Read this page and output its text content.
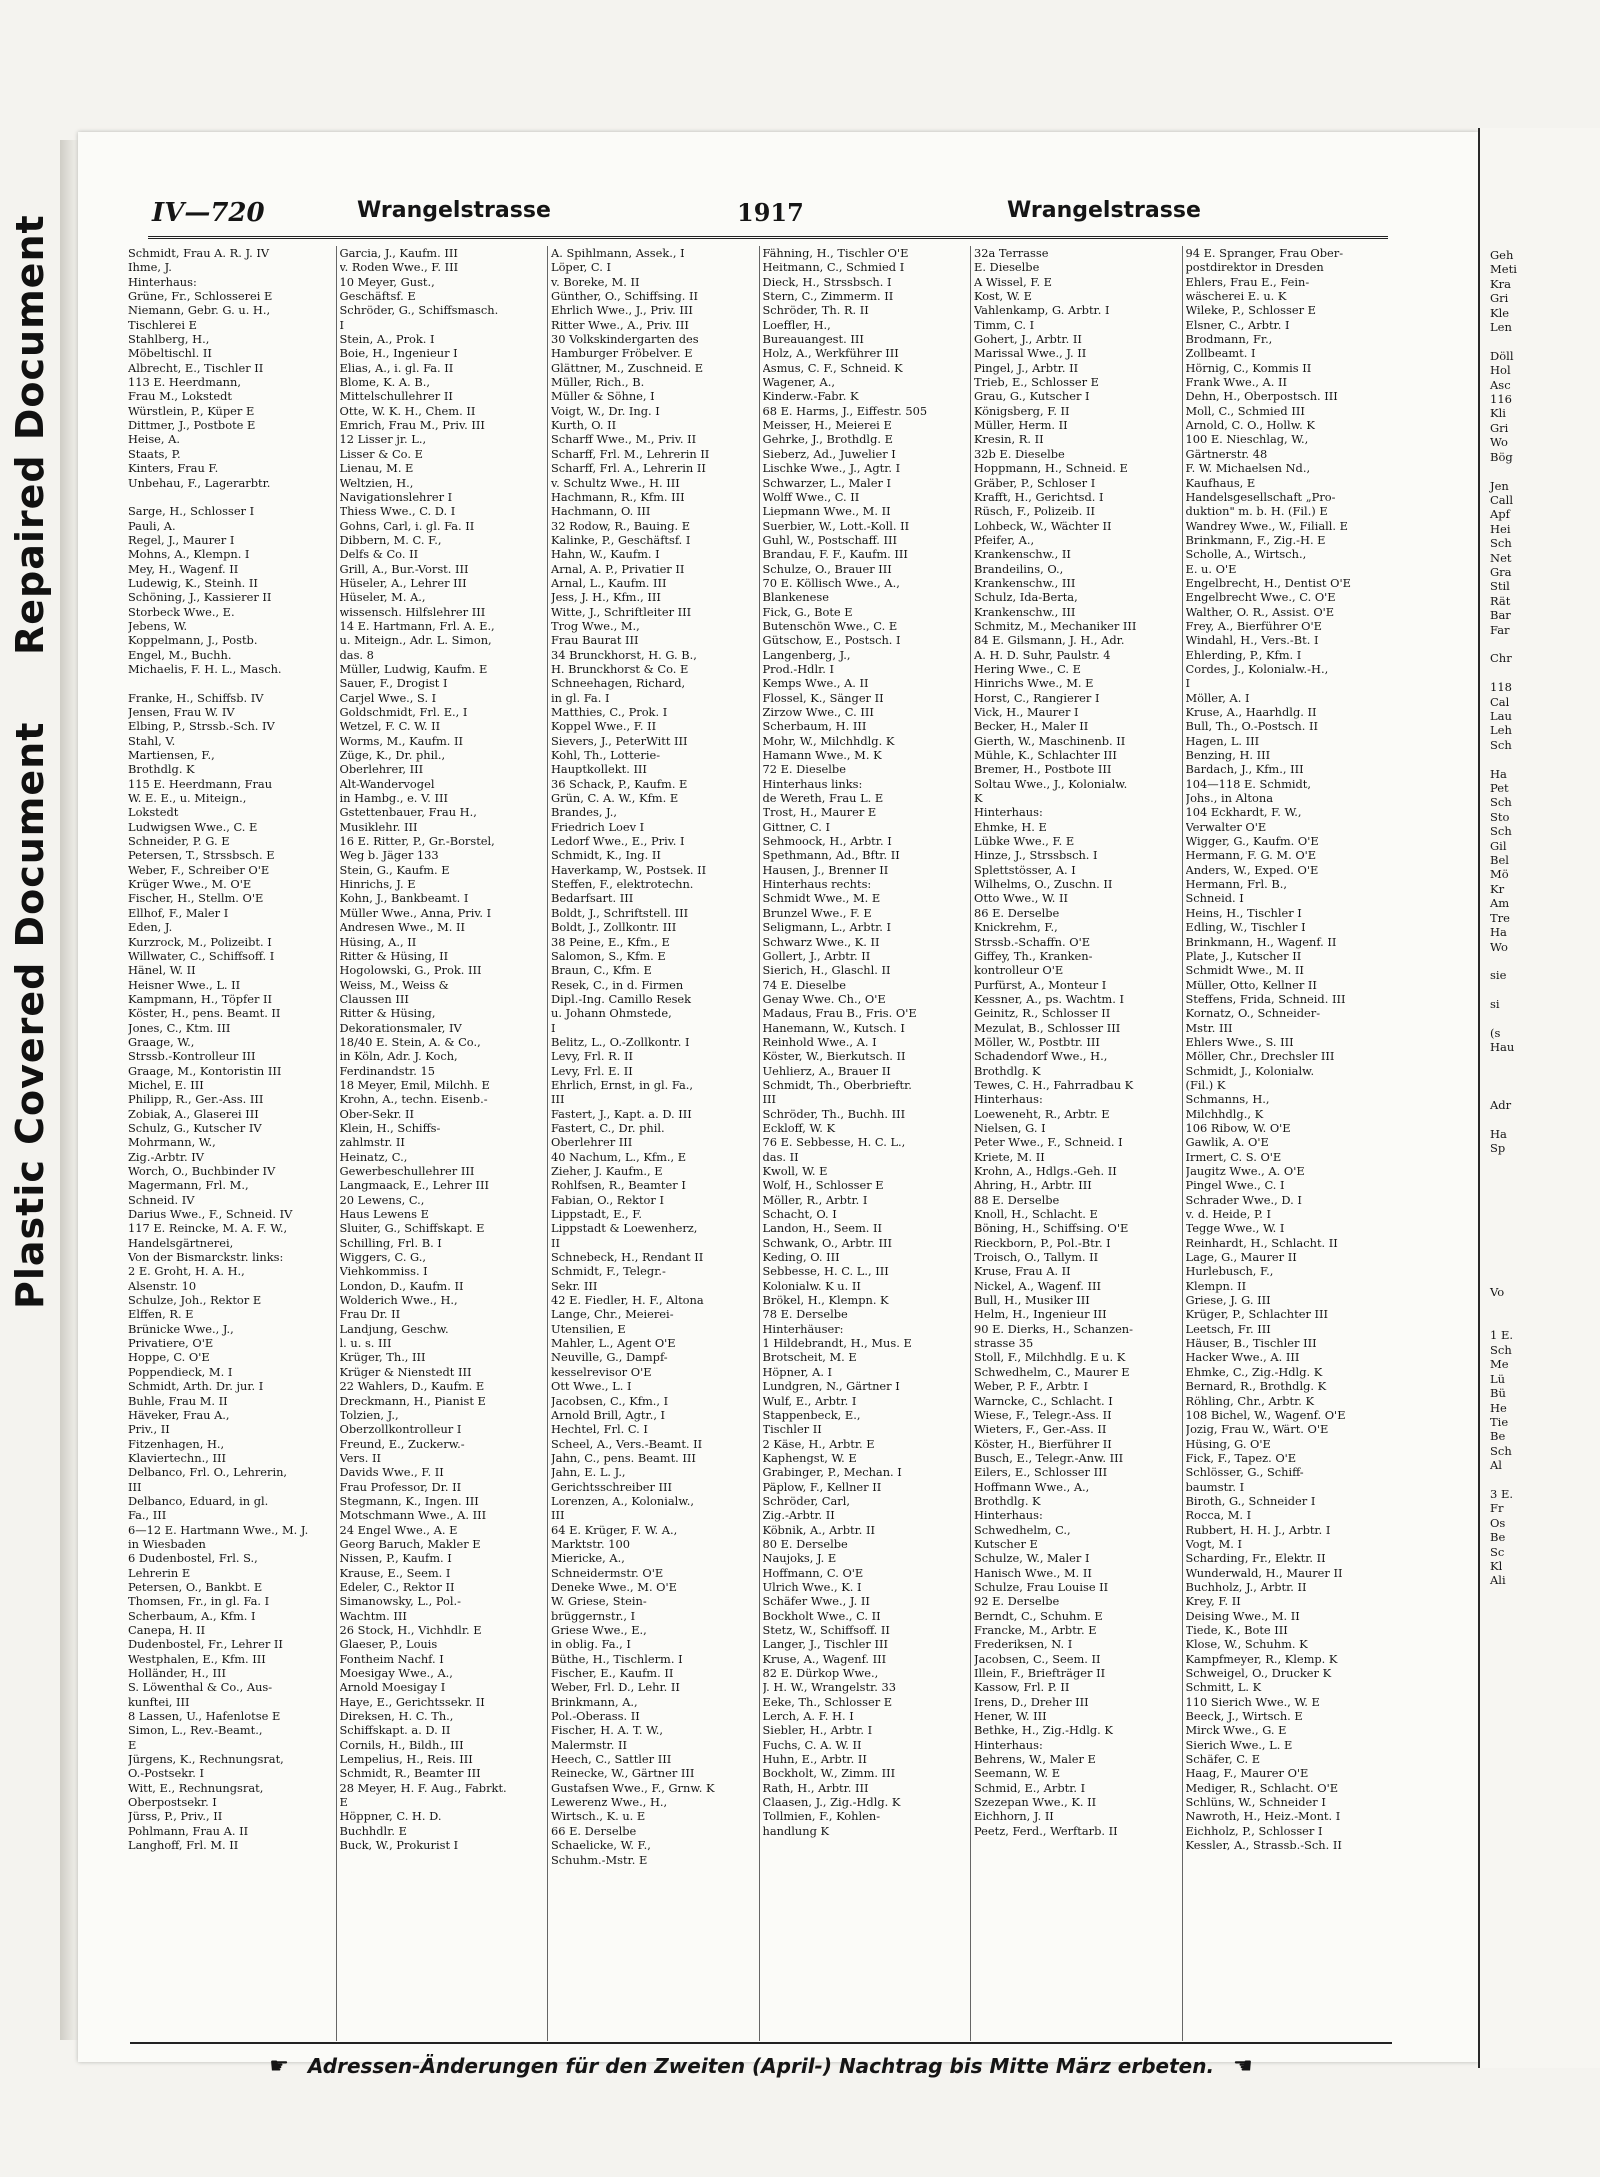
Repaired Document
Plastic Covered Document
Geh
Meti
Kra
Gri
Kle
Len

Döll
Hol
Asc
116
Kli
Gri
Wo
Bög

Jen
Call
Apf
Hei
Sch
Net
Gra
Stil
Rät
Bar
Far

Chr

118
Cal
Lau
Leh
Sch

Ha
Pet
Sch
Sto
Sch
Gil
Bel
Mö
Kr
Am
Tre
Ha
Wo

sie

si

(s
Hau

Adr

Ha
Sp

Vo

1 E.
Sch
Me
Lü
Bü
He
Tie
Be
Sch
Al

3 E.
Fr
Os
Be
Sc
Kl
Ali
IV—720	Wrangelstrasse	1917	Wrangelstrasse
Schmidt, Frau A. R. J. IV
Ihme, J.
Hinterhaus:
Grüne, Fr., Schlosserei E
Niemann, Gebr. G. u. H.,
Tischlerei E
Stahlberg, H.,
Möbeltischl. II
Albrecht, E., Tischler II
113 E. Heerdmann,
Frau M., Lokstedt
Würstlein, P., Küper E
Dittmer, J., Postbote E
Heise, A.
Staats, P.
Kinters, Frau F.
Unbehau, F., Lagerarbtr.

Sarge, H., Schlosser I
Pauli, A.
Regel, J., Maurer I
Mohns, A., Klempn. I
Mey, H., Wagenf. II
Ludewig, K., Steinh. II
Schöning, J., Kassierer II
Storbeck Wwe., E.
Jebens, W.
Koppelmann, J., Postb.
Engel, M., Buchh.
Michaelis, F. H. L., Masch.

Franke, H., Schiffsb. IV
Jensen, Frau W. IV
Elbing, P., Strssb.-Sch. IV
Stahl, V.
Martiensen, F.,
Brothdlg. K
115 E. Heerdmann, Frau
W. E. E., u. Miteign.,
Lokstedt
Ludwigsen Wwe., C. E
Schneider, P. G. E
Petersen, T., Strssbsch. E
Weber, F., Schreiber O'E
Krüger Wwe., M. O'E
Fischer, H., Stellm. O'E
Ellhof, F., Maler I
Eden, J.
Kurzrock, M., Polizeibt. I
Willwater, C., Schiffsoff. I
Hänel, W. II
Heisner Wwe., L. II
Kampmann, H., Töpfer II
Köster, H., pens. Beamt. II
Jones, C., Ktm. III
Graage, W.,
Strssb.-Kontrolleur III
Graage, M., Kontoristin III
Michel, E. III
Philipp, R., Ger.-Ass. III
Zobiak, A., Glaserei III
Schulz, G., Kutscher IV
Mohrmann, W.,
Zig.-Arbtr. IV
Worch, O., Buchbinder IV
Magermann, Frl. M.,
Schneid. IV
Darius Wwe., F., Schneid. IV
117 E. Reincke, M. A. F. W.,
Handelsgärtnerei,
Von der Bismarckstr. links:
2 E. Groht, H. A. H.,
Alsenstr. 10
Schulze, Joh., Rektor E
Elffen, R. E
Brünicke Wwe., J.,
Privatiere, O'E
Hoppe, C. O'E
Poppendieck, M. I
Schmidt, Arth. Dr. jur. I
Buhle, Frau M. II
Häveker, Frau A.,
Priv., II
Fitzenhagen, H.,
Klaviertechn., III
Delbanco, Frl. O., Lehrerin,
III
Delbanco, Eduard, in gl.
Fa., III
6—12 E. Hartmann Wwe., M. J.
in Wiesbaden
6 Dudenbostel, Frl. S.,
Lehrerin E
Petersen, O., Bankbt. E
Thomsen, Fr., in gl. Fa. I
Scherbaum, A., Kfm. I
Canepa, H. II
Dudenbostel, Fr., Lehrer II
Westphalen, E., Kfm. III
Holländer, H., III
S. Löwenthal & Co., Aus-
kunftei, III
8 Lassen, U., Hafenlotse E
Simon, L., Rev.-Beamt.,
E
Jürgens, K., Rechnungsrat,
O.-Postsekr. I
Witt, E., Rechnungsrat,
Oberpostsekr. I
Jürss, P., Priv., II
Pohlmann, Frau A. II
Langhoff, Frl. M. II
Garcia, J., Kaufm. III
v. Roden Wwe., F. III
10 Meyer, Gust.,
Geschäftsf. E
Schröder, G., Schiffsmasch.
I
Stein, A., Prok. I
Boie, H., Ingenieur I
Elias, A., i. gl. Fa. II
Blome, K. A. B.,
Mittelschullehrer II
Otte, W. K. H., Chem. II
Emrich, Frau M., Priv. III
12 Lisser jr. L.,
Lisser & Co. E
Lienau, M. E
Weltzien, H.,
Navigationslehrer I
Thiess Wwe., C. D. I
Gohns, Carl, i. gl. Fa. II
Dibbern, M. C. F.,
Delfs & Co. II
Grill, A., Bur.-Vorst. III
Hüseler, A., Lehrer III
Hüseler, M. A.,
wissensch. Hilfslehrer III
14 E. Hartmann, Frl. A. E.,
u. Miteign., Adr. L. Simon,
das. 8
Müller, Ludwig, Kaufm. E
Sauer, F., Drogist I
Carjel Wwe., S. I
Goldschmidt, Frl. E., I
Wetzel, F. C. W. II
Worms, M., Kaufm. II
Züge, K., Dr. phil.,
Oberlehrer, III
Alt-Wandervogel
in Hambg., e. V. III
Gstettenbauer, Frau H.,
Musiklehr. III
16 E. Ritter, P., Gr.-Borstel,
Weg b. Jäger 133
Stein, G., Kaufm. E
Hinrichs, J. E
Kohn, J., Bankbeamt. I
Müller Wwe., Anna, Priv. I
Andresen Wwe., M. II
Hüsing, A., II
Ritter & Hüsing, II
Hogolowski, G., Prok. III
Weiss, M., Weiss &
Claussen III
Ritter & Hüsing,
Dekorationsmaler, IV
18/40 E. Stein, A. & Co.,
in Köln, Adr. J. Koch,
Ferdinandstr. 15
18 Meyer, Emil, Milchh. E
Krohn, A., techn. Eisenb.-
Ober-Sekr. II
Klein, H., Schiffs-
zahlmstr. II
Heinatz, C.,
Gewerbeschullehrer III
Langmaack, E., Lehrer III
20 Lewens, C.,
Haus Lewens E
Sluiter, G., Schiffskapt. E
Schilling, Frl. B. I
Wiggers, C. G.,
Viehkommiss. I
London, D., Kaufm. II
Wolderich Wwe., H.,
Frau Dr. II
Landjung, Geschw.
l. u. s. III
Krüger, Th., III
Krüger & Nienstedt III
22 Wahlers, D., Kaufm. E
Dreckmann, H., Pianist E
Tolzien, J.,
Oberzollkontrolleur I
Freund, E., Zuckerw.-
Vers. II
Davids Wwe., F. II
Frau Professor, Dr. II
Stegmann, K., Ingen. III
Motschmann Wwe., A. III
24 Engel Wwe., A. E
Georg Baruch, Makler E
Nissen, P., Kaufm. I
Krause, E., Seem. I
Edeler, C., Rektor II
Simanowsky, L., Pol.-
Wachtm. III
26 Stock, H., Vichhdlr. E
Glaeser, P., Louis
Fontheim Nachf. I
Moesigay Wwe., A.,
Arnold Moesigay I
Haye, E., Gerichtssekr. II
Direksen, H. C. Th.,
Schiffskapt. a. D. II
Cornils, H., Bildh., III
Lempelius, H., Reis. III
Schmidt, R., Beamter III
28 Meyer, H. F. Aug., Fabrkt.
E
Höppner, C. H. D.
Buchhdlr. E
Buck, W., Prokurist I
A. Spihlmann, Assek., I
Löper, C. I
v. Boreke, M. II
Günther, O., Schiffsing. II
Ehrlich Wwe., J., Priv. III
Ritter Wwe., A., Priv. III
30 Volkskindergarten des
Hamburger Fröbelver. E
Glättner, M., Zuschneid. E
Müller, Rich., B.
Müller & Söhne, I
Voigt, W., Dr. Ing. I
Kurth, O. II
Scharff Wwe., M., Priv. II
Scharff, Frl. M., Lehrerin II
Scharff, Frl. A., Lehrerin II
v. Schultz Wwe., H. III
Hachmann, R., Kfm. III
Hachmann, O. III
32 Rodow, R., Bauing. E
Kalinke, P., Geschäftsf. I
Hahn, W., Kaufm. I
Arnal, A. P., Privatier II
Arnal, L., Kaufm. III
Jess, J. H., Kfm., III
Witte, J., Schriftleiter III
Trog Wwe., M.,
Frau Baurat III
34 Brunckhorst, H. G. B.,
H. Brunckhorst & Co. E
Schneehagen, Richard,
in gl. Fa. I
Matthies, C., Prok. I
Koppel Wwe., F. II
Sievers, J., PeterWitt III
Kohl, Th., Lotterie-
Hauptkollekt. III
36 Schack, P., Kaufm. E
Grün, C. A. W., Kfm. E
Brandes, J.,
Friedrich Loev I
Ledorf Wwe., E., Priv. I
Schmidt, K., Ing. II
Haverkamp, W., Postsek. II
Steffen, F., elektrotechn.
Bedarfsart. III
Boldt, J., Schriftstell. III
Boldt, J., Zollkontr. III
38 Peine, E., Kfm., E
Salomon, S., Kfm. E
Braun, C., Kfm. E
Resek, C., in d. Firmen
Dipl.-Ing. Camillo Resek
u. Johann Ohmstede,
I
Belitz, L., O.-Zollkontr. I
Levy, Frl. R. II
Levy, Frl. E. II
Ehrlich, Ernst, in gl. Fa.,
III
Fastert, J., Kapt. a. D. III
Fastert, C., Dr. phil.
Oberlehrer III
40 Nachum, L., Kfm., E
Zieher, J. Kaufm., E
Rohlfsen, R., Beamter I
Fabian, O., Rektor I
Lippstadt, E., F.
Lippstadt & Loewenherz,
II
Schnebeck, H., Rendant II
Schmidt, F., Telegr.-
Sekr. III
42 E. Fiedler, H. F., Altona
Lange, Chr., Meierei-
Utensilien, E
Mahler, L., Agent O'E
Neuville, G., Dampf-
kesselrevisor O'E
Ott Wwe., L. I
Jacobsen, C., Kfm., I
Arnold Brill, Agtr., I
Hechtel, Frl. C. I
Scheel, A., Vers.-Beamt. II
Jahn, C., pens. Beamt. III
Jahn, E. L. J.,
Gerichtsschreiber III
Lorenzen, A., Kolonialw.,
III
64 E. Krüger, F. W. A.,
Marktstr. 100
Miericke, A.,
Schneidermstr. O'E
Deneke Wwe., M. O'E
W. Griese, Stein-
brüggernstr., I
Griese Wwe., E.,
in oblig. Fa., I
Büthe, H., Tischlerm. I
Fischer, E., Kaufm. II
Weber, Frl. D., Lehr. II
Brinkmann, A.,
Pol.-Oberass. II
Fischer, H. A. T. W.,
Malermstr. II
Heech, C., Sattler III
Reinecke, W., Gärtner III
Gustafsen Wwe., F., Grnw. K
Lewerenz Wwe., H.,
Wirtsch., K. u. E
66 E. Derselbe
Schaelicke, W. F.,
Schuhm.-Mstr. E
Fähning, H., Tischler O'E
Heitmann, C., Schmied I
Dieck, H., Strssbsch. I
Stern, C., Zimmerm. II
Schröder, Th. R. II
Loeffler, H.,
Bureauangest. III
Holz, A., Werkführer III
Asmus, C. F., Schneid. K
Wagener, A.,
Kinderw.-Fabr. K
68 E. Harms, J., Eiffestr. 505
Meisser, H., Meierei E
Gehrke, J., Brothdlg. E
Sieberz, Ad., Juwelier I
Lischke Wwe., J., Agtr. I
Schwarzer, L., Maler I
Wolff Wwe., C. II
Liepmann Wwe., M. II
Suerbier, W., Lott.-Koll. II
Guhl, W., Postschaff. III
Brandau, F. F., Kaufm. III
Schulze, O., Brauer III
70 E. Köllisch Wwe., A.,
Blankenese
Fick, G., Bote E
Butenschön Wwe., C. E
Gütschow, E., Postsch. I
Langenberg, J.,
Prod.-Hdlr. I
Kemps Wwe., A. II
Flossel, K., Sänger II
Zirzow Wwe., C. III
Scherbaum, H. III
Mohr, W., Milchhdlg. K
Hamann Wwe., M. K
72 E. Dieselbe
Hinterhaus links:
de Wereth, Frau L. E
Trost, H., Maurer E
Gittner, C. I
Sehmoock, H., Arbtr. I
Spethmann, Ad., Bftr. II
Hausen, J., Brenner II
Hinterhaus rechts:
Schmidt Wwe., M. E
Brunzel Wwe., F. E
Seligmann, L., Arbtr. I
Schwarz Wwe., K. II
Gollert, J., Arbtr. II
Sierich, H., Glaschl. II
74 E. Dieselbe
Genay Wwe. Ch., O'E
Madaus, Frau B., Fris. O'E
Hanemann, W., Kutsch. I
Reinhold Wwe., A. I
Köster, W., Bierkutsch. II
Uehlierz, A., Brauer II
Schmidt, Th., Oberbrieftr.
III
Schröder, Th., Buchh. III
Eckloff, W. K
76 E. Sebbesse, H. C. L.,
das. II
Kwoll, W. E
Wolf, H., Schlosser E
Möller, R., Arbtr. I
Schacht, O. I
Landon, H., Seem. II
Schwank, O., Arbtr. III
Keding, O. III
Sebbesse, H. C. L., III
Kolonialw. K u. II
Brökel, H., Klempn. K
78 E. Derselbe
Hinterhäuser:
1 Hildebrandt, H., Mus. E
Brotscheit, M. E
Höpner, A. I
Lundgren, N., Gärtner I
Wulf, E., Arbtr. I
Stappenbeck, E.,
Tischler II
2 Käse, H., Arbtr. E
Kaphengst, W. E
Grabinger, P., Mechan. I
Päplow, F., Kellner II
Schröder, Carl,
Zig.-Arbtr. II
Köbnik, A., Arbtr. II
80 E. Derselbe
Naujoks, J. E
Hoffmann, C. O'E
Ulrich Wwe., K. I
Schäfer Wwe., J. II
Bockholt Wwe., C. II
Stetz, W., Schiffsoff. II
Langer, J., Tischler III
Kruse, A., Wagenf. III
82 E. Dürkop Wwe.,
J. H. W., Wrangelstr. 33
Eeke, Th., Schlosser E
Lerch, A. F. H. I
Siebler, H., Arbtr. I
Fuchs, C. A. W. II
Huhn, E., Arbtr. II
Bockholt, W., Zimm. III
Rath, H., Arbtr. III
Claasen, J., Zig.-Hdlg. K
Tollmien, F., Kohlen-
handlung K
32a Terrasse
E. Dieselbe
A Wissel, F. E
Kost, W. E
Vahlenkamp, G. Arbtr. I
Timm, C. I
Gohert, J., Arbtr. II
Marissal Wwe., J. II
Pingel, J., Arbtr. II
Trieb, E., Schlosser E
Grau, G., Kutscher I
Königsberg, F. II
Müller, Herm. II
Kresin, R. II
32b E. Dieselbe
Hoppmann, H., Schneid. E
Gräber, P., Schloser I
Krafft, H., Gerichtsd. I
Rüsch, F., Polizeib. II
Lohbeck, W., Wächter II
Pfeifer, A.,
Krankenschw., II
Brandeilins, O.,
Krankenschw., III
Schulz, Ida-Berta,
Krankenschw., III
Schmitz, M., Mechaniker III
84 E. Gilsmann, J. H., Adr.
A. H. D. Suhr, Paulstr. 4
Hering Wwe., C. E
Hinrichs Wwe., M. E
Horst, C., Rangierer I
Vick, H., Maurer I
Becker, H., Maler II
Gierth, W., Maschinenb. II
Mühle, K., Schlachter III
Bremer, H., Postbote III
Soltau Wwe., J., Kolonialw.
K
Hinterhaus:
Ehmke, H. E
Lübke Wwe., F. E
Hinze, J., Strssbsch. I
Splettstösser, A. I
Wilhelms, O., Zuschn. II
Otto Wwe., W. II
86 E. Derselbe
Knickrehm, F.,
Strssb.-Schaffn. O'E
Giffey, Th., Kranken-
kontrolleur O'E
Purfürst, A., Monteur I
Kessner, A., ps. Wachtm. I
Geinitz, R., Schlosser II
Mezulat, B., Schlosser III
Möller, W., Postbtr. III
Schadendorf Wwe., H.,
Brothdlg. K
Tewes, C. H., Fahrradbau K
Hinterhaus:
Loeweneht, R., Arbtr. E
Nielsen, G. I
Peter Wwe., F., Schneid. I
Kriete, M. II
Krohn, A., Hdlgs.-Geh. II
Ahring, H., Arbtr. III
88 E. Derselbe
Knoll, H., Schlacht. E
Böning, H., Schiffsing. O'E
Rieckborn, P., Pol.-Btr. I
Troisch, O., Tallym. II
Kruse, Frau A. II
Nickel, A., Wagenf. III
Bull, H., Musiker III
Helm, H., Ingenieur III
90 E. Dierks, H., Schanzen-
strasse 35
Stoll, F., Milchhdlg. E u. K
Schwedhelm, C., Maurer E
Weber, P. F., Arbtr. I
Warncke, C., Schlacht. I
Wiese, F., Telegr.-Ass. II
Wieters, F., Ger.-Ass. II
Köster, H., Bierführer II
Busch, E., Telegr.-Anw. III
Eilers, E., Schlosser III
Hoffmann Wwe., A.,
Brothdlg. K
Hinterhaus:
Schwedhelm, C.,
Kutscher E
Schulze, W., Maler I
Hanisch Wwe., M. II
Schulze, Frau Louise II
92 E. Derselbe
Berndt, C., Schuhm. E
Francke, M., Arbtr. E
Frederiksen, N. I
Jacobsen, C., Seem. II
Illein, F., Briefträger II
Kassow, Frl. P. II
Irens, D., Dreher III
Hener, W. III
Bethke, H., Zig.-Hdlg. K
Hinterhaus:
Behrens, W., Maler E
Seemann, W. E
Schmid, E., Arbtr. I
Szezepan Wwe., K. II
Eichhorn, J. II
Peetz, Ferd., Werftarb. II
94 E. Spranger, Frau Ober-
postdirektor in Dresden
Ehlers, Frau E., Fein-
wäscherei E. u. K
Wileke, P., Schlosser E
Elsner, C., Arbtr. I
Brodmann, Fr.,
Zollbeamt. I
Hörnig, C., Kommis II
Frank Wwe., A. II
Dehn, H., Oberpostsch. III
Moll, C., Schmied III
Arnold, C. O., Hollw. K
100 E. Nieschlag, W.,
Gärtnerstr. 48
F. W. Michaelsen Nd.,
Kaufhaus, E
Handelsgesellschaft „Pro-
duktion" m. b. H. (Fil.) E
Wandrey Wwe., W., Filiall. E
Brinkmann, F., Zig.-H. E
Scholle, A., Wirtsch.,
E. u. O'E
Engelbrecht, H., Dentist O'E
Engelbrecht Wwe., C. O'E
Walther, O. R., Assist. O'E
Frey, A., Bierführer O'E
Windahl, H., Vers.-Bt. I
Ehlerding, P., Kfm. I
Cordes, J., Kolonialw.-H.,
I
Möller, A. I
Kruse, A., Haarhdlg. II
Bull, Th., O.-Postsch. II
Hagen, L. III
Benzing, H. III
Bardach, J., Kfm., III
104—118 E. Schmidt,
Johs., in Altona
104 Eckhardt, F. W.,
Verwalter O'E
Wigger, G., Kaufm. O'E
Hermann, F. G. M. O'E
Anders, W., Exped. O'E
Hermann, Frl. B.,
Schneid. I
Heins, H., Tischler I
Edling, W., Tischler I
Brinkmann, H., Wagenf. II
Plate, J., Kutscher II
Schmidt Wwe., M. II
Müller, Otto, Kellner II
Steffens, Frida, Schneid. III
Kornatz, O., Schneider-
Mstr. III
Ehlers Wwe., S. III
Möller, Chr., Drechsler III
Schmidt, J., Kolonialw.
(Fil.) K
Schmanns, H.,
Milchhdlg., K
106 Ribow, W. O'E
Gawlik, A. O'E
Irmert, C. S. O'E
Jaugitz Wwe., A. O'E
Pingel Wwe., C. I
Schrader Wwe., D. I
v. d. Heide, P. I
Tegge Wwe., W. I
Reinhardt, H., Schlacht. II
Lage, G., Maurer II
Hurlebusch, F.,
Klempn. II
Griese, J. G. III
Krüger, P., Schlachter III
Leetsch, Fr. III
Häuser, B., Tischler III
Hacker Wwe., A. III
Ehmke, C., Zig.-Hdlg. K
Bernard, R., Brothdlg. K
Röhling, Chr., Arbtr. K
108 Bichel, W., Wagenf. O'E
Jozig, Frau W., Wärt. O'E
Hüsing, G. O'E
Fick, F., Tapez. O'E
Schlösser, G., Schiff-
baumstr. I
Biroth, G., Schneider I
Rocca, M. I
Rubbert, H. H. J., Arbtr. I
Vogt, M. I
Scharding, Fr., Elektr. II
Wunderwald, H., Maurer II
Buchholz, J., Arbtr. II
Krey, F. II
Deising Wwe., M. II
Tiede, K., Bote III
Klose, W., Schuhm. K
Kampfmeyer, R., Klemp. K
Schweigel, O., Drucker K
Schmitt, L. K
110 Sierich Wwe., W. E
Beeck, J., Wirtsch. E
Mirck Wwe., G. E
Sierich Wwe., L. E
Schäfer, C. E
Haag, F., Maurer O'E
Mediger, R., Schlacht. O'E
Schlüns, W., Schneider I
Nawroth, H., Heiz.-Mont. I
Eichholz, P., Schlosser I
Kessler, A., Strassb.-Sch. II
☛ Adressen-Änderungen für den Zweiten (April-) Nachtrag bis Mitte März erbeten. ☚
